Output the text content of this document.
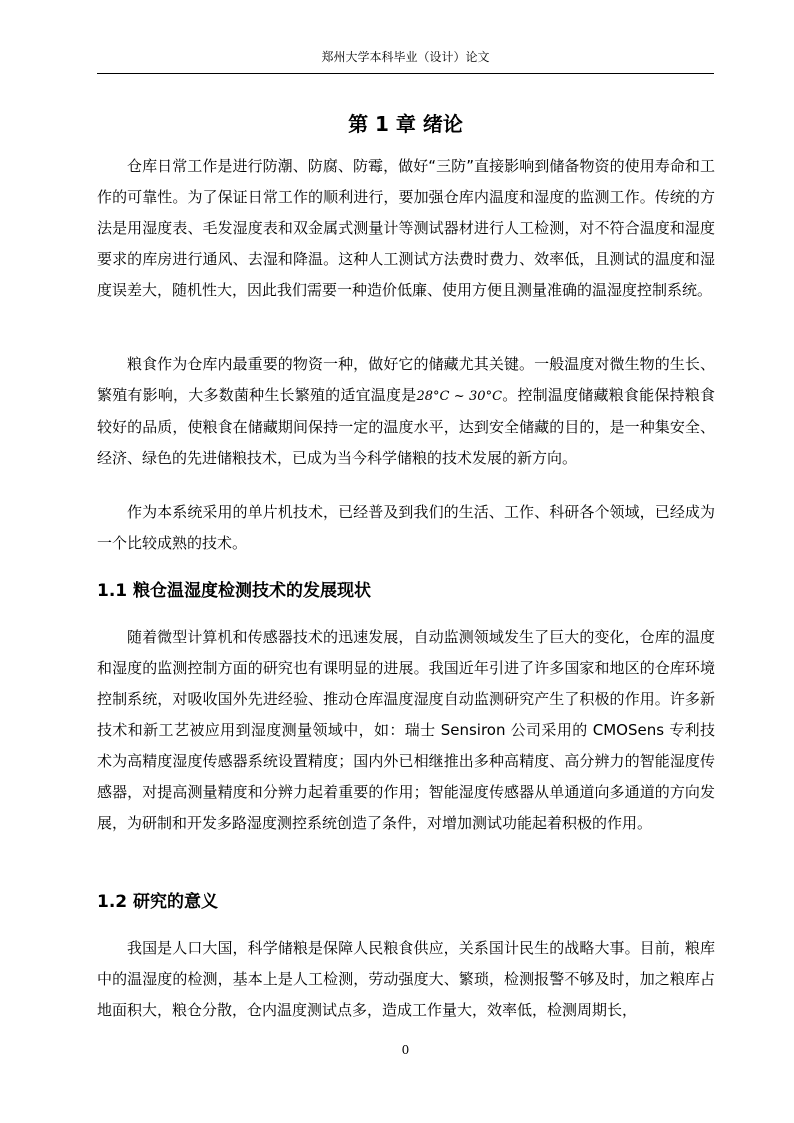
郑州大学本科毕业（设计）论文
第 1 章 绪论

仓库日常工作是进行防潮、防腐、防霉，做好“三防”直接影响到储备物资的使用寿命和工作的可靠性。为了保证日常工作的顺利进行，要加强仓库内温度和湿度的监测工作。传统的方法是用湿度表、毛发湿度表和双金属式测量计等测试器材进行人工检测，对不符合温度和湿度要求的库房进行通风、去湿和降温。这种人工测试方法费时费力、效率低，且测试的温度和湿度误差大，随机性大，因此我们需要一种造价低廉、使用方便且测量准确的温湿度控制系统。

粮食作为仓库内最重要的物资一种，做好它的储藏尤其关键。一般温度对微生物的生长、繁殖有影响，大多数菌种生长繁殖的适宜温度是28°C ~ 30°C。控制温度储藏粮食能保持粮食较好的品质，使粮食在储藏期间保持一定的温度水平，达到安全储藏的目的，是一种集安全、经济、绿色的先进储粮技术，已成为当今科学储粮的技术发展的新方向。

作为本系统采用的单片机技术，已经普及到我们的生活、工作、科研各个领域，已经成为一个比较成熟的技术。

1.1 粮仓温湿度检测技术的发展现状

随着微型计算机和传感器技术的迅速发展，自动监测领域发生了巨大的变化，仓库的温度和湿度的监测控制方面的研究也有课明显的进展。我国近年引进了许多国家和地区的仓库环境控制系统，对吸收国外先进经验、推动仓库温度湿度自动监测研究产生了积极的作用。许多新技术和新工艺被应用到湿度测量领域中，如：瑞士 Sensiron 公司采用的 CMOSens 专利技术为高精度湿度传感器系统设置精度；国内外已相继推出多种高精度、高分辨力的智能湿度传感器，对提高测量精度和分辨力起着重要的作用；智能湿度传感器从单通道向多通道的方向发展，为研制和开发多路湿度测控系统创造了条件，对增加测试功能起着积极的作用。

1.2 研究的意义

我国是人口大国，科学储粮是保障人民粮食供应，关系国计民生的战略大事。目前，粮库中的温湿度的检测，基本上是人工检测，劳动强度大、繁琐，检测报警不够及时，加之粮库占地面积大，粮仓分散，仓内温度测试点多，造成工作量大，效率低，检测周期长，

0
